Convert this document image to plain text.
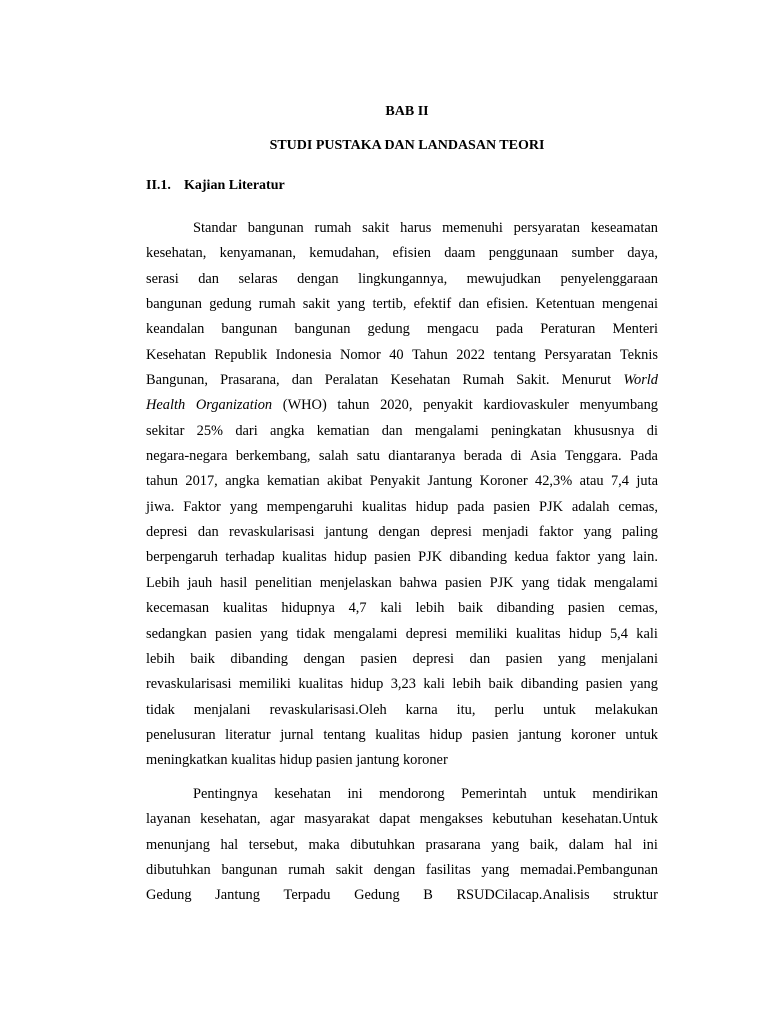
BAB II
STUDI PUSTAKA DAN LANDASAN TEORI
II.1. Kajian Literatur
Standar bangunan rumah sakit harus memenuhi persyaratan keseamatan
kesehatan, kenyamanan, kemudahan, efisien daam penggunaan sumber daya,
serasi dan selaras dengan lingkungannya, mewujudkan penyelenggaraan
bangunan gedung rumah sakit yang tertib, efektif dan efisien. Ketentuan mengenai
keandalan bangunan bangunan gedung mengacu pada Peraturan Menteri
Kesehatan Republik Indonesia Nomor 40 Tahun 2022 tentang Persyaratan Teknis
Bangunan, Prasarana, dan Peralatan Kesehatan Rumah Sakit. Menurut World
Health Organization (WHO) tahun 2020, penyakit kardiovaskuler menyumbang
sekitar 25% dari angka kematian dan mengalami peningkatan khususnya di
negara-negara berkembang, salah satu diantaranya berada di Asia Tenggara. Pada
tahun 2017, angka kematian akibat Penyakit Jantung Koroner 42,3% atau 7,4 juta
jiwa. Faktor yang mempengaruhi kualitas hidup pada pasien PJK adalah cemas,
depresi dan revaskularisasi jantung dengan depresi menjadi faktor yang paling
berpengaruh terhadap kualitas hidup pasien PJK dibanding kedua faktor yang lain.
Lebih jauh hasil penelitian menjelaskan bahwa pasien PJK yang tidak mengalami
kecemasan kualitas hidupnya 4,7 kali lebih baik dibanding pasien cemas,
sedangkan pasien yang tidak mengalami depresi memiliki kualitas hidup 5,4 kali
lebih baik dibanding dengan pasien depresi dan pasien yang menjalani
revaskularisasi memiliki kualitas hidup 3,23 kali lebih baik dibanding pasien yang
tidak menjalani revaskularisasi.Oleh karna itu, perlu untuk melakukan
penelusuran literatur jurnal tentang kualitas hidup pasien jantung koroner untuk
meningkatkan kualitas hidup pasien jantung koroner
Pentingnya kesehatan ini mendorong Pemerintah untuk mendirikan
layanan kesehatan, agar masyarakat dapat mengakses kebutuhan kesehatan.Untuk
menunjang hal tersebut, maka dibutuhkan prasarana yang baik, dalam hal ini
dibutuhkan bangunan rumah sakit dengan fasilitas yang memadai.Pembangunan
Gedung Jantung Terpadu Gedung B RSUDCilacap.Analisis struktur
